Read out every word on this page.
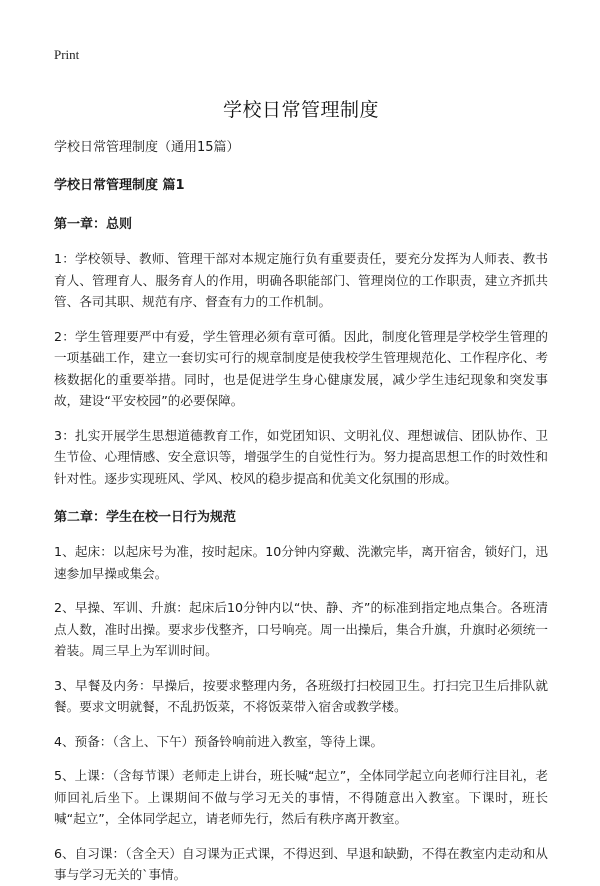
Print
学校日常管理制度

学校日常管理制度（通用15篇）

学校日常管理制度 篇1

第一章：总则

1：学校领导、教师、管理干部对本规定施行负有重要责任，要充分发挥为人师表、教书育人、管理育人、服务育人的作用，明确各职能部门、管理岗位的工作职责，建立齐抓共管、各司其职、规范有序、督查有力的工作机制。

2：学生管理要严中有爱，学生管理必须有章可循。因此，制度化管理是学校学生管理的一项基础工作，建立一套切实可行的规章制度是使我校学生管理规范化、工作程序化、考核数据化的重要举措。同时，也是促进学生身心健康发展，减少学生违纪现象和突发事故，建设“平安校园”的必要保障。

3：扎实开展学生思想道德教育工作，如党团知识、文明礼仪、理想诚信、团队协作、卫生节俭、心理情感、安全意识等，增强学生的自觉性行为。努力提高思想工作的时效性和针对性。逐步实现班风、学风、校风的稳步提高和优美文化氛围的形成。

第二章：学生在校一日行为规范

1、起床：以起床号为准，按时起床。10分钟内穿戴、洗漱完毕，离开宿舍，锁好门，迅速参加早操或集会。

2、早操、军训、升旗：起床后10分钟内以“快、静、齐”的标准到指定地点集合。各班清点人数，准时出操。要求步伐整齐，口号响亮。周一出操后，集合升旗，升旗时必须统一着装。周三早上为军训时间。

3、早餐及内务：早操后，按要求整理内务，各班级打扫校园卫生。打扫完卫生后排队就餐。要求文明就餐，不乱扔饭菜，不将饭菜带入宿舍或教学楼。

4、预备：（含上、下午）预备铃响前进入教室，等待上课。

5、上课：（含每节课）老师走上讲台，班长喊“起立”，全体同学起立向老师行注目礼，老师回礼后坐下。上课期间不做与学习无关的事情，不得随意出入教室。下课时，班长喊“起立”，全体同学起立，请老师先行，然后有秩序离开教室。

6、自习课：（含全天）自习课为正式课，不得迟到、早退和缺勤，不得在教室内走动和从事与学习无关的`事情。
